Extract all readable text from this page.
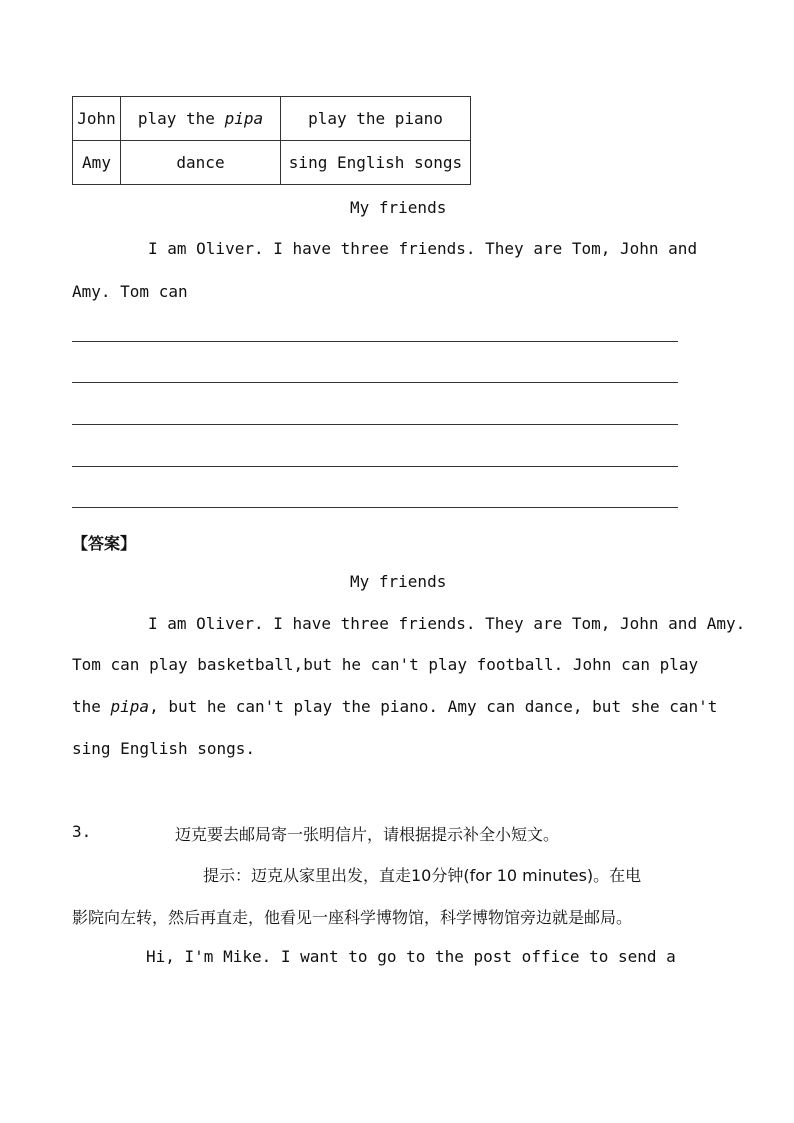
John	play the pipa	play the piano
Amy	dance	sing English songs
My friends
I am Oliver. I have three friends. They are Tom, John and
Amy. Tom can
【答案】
My friends
I am Oliver. I have three friends. They are Tom, John and Amy.
Tom can play basketball,but he can't play football. John can play
the pipa, but he can't play the piano. Amy can dance, but she can't
sing English songs.
3.	迈克要去邮局寄一张明信片，请根据提示补全小短文。
提示：迈克从家里出发，直走10分钟(for 10 minutes)。在电
影院向左转，然后再直走，他看见一座科学博物馆，科学博物馆旁边就是邮局。
Hi, I'm Mike. I want to go to the post office to send a
